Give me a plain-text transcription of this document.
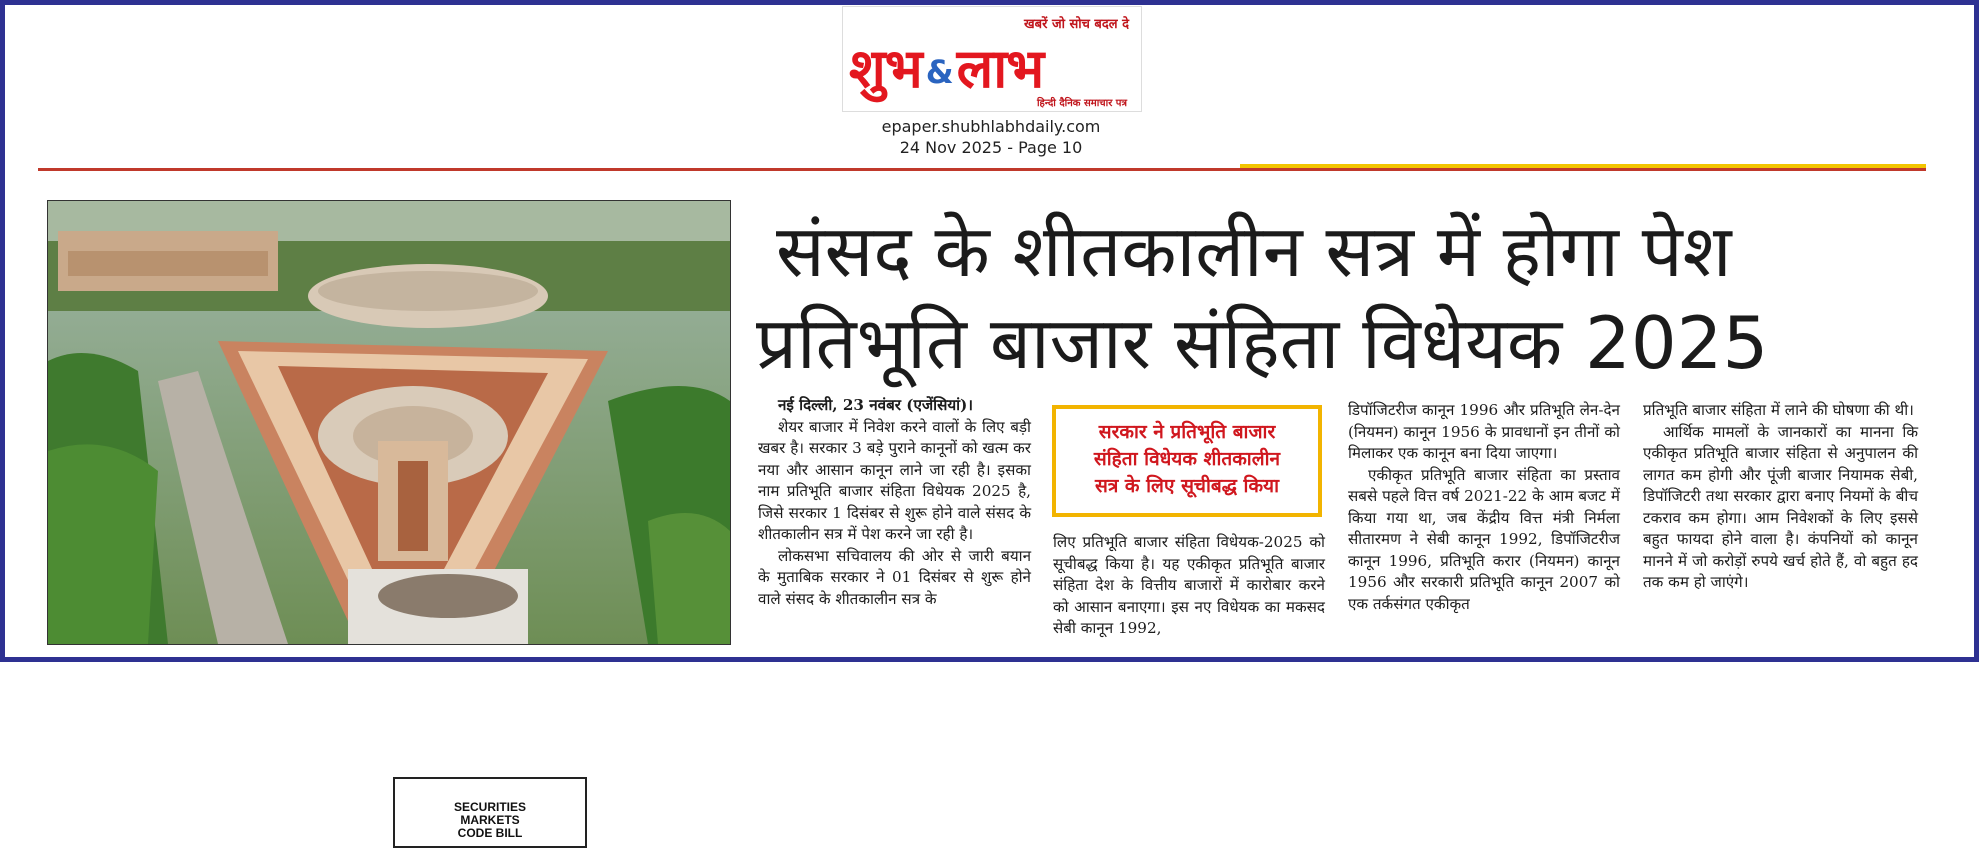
खबरें जो सोच बदल दे
शुभ &लाभ
हिन्दी दैनिक समाचार पत्र
epaper.shubhlabhdaily.com
24 Nov 2025 - Page 10
SECURITIES
MARKETS
CODE BILL
संसद के शीतकालीन सत्र में होगा पेश
प्रतिभूति बाजार संहिता विधेयक 2025

नई दिल्ली, 23 नवंबर (एजेंसियां)।

शेयर बाजार में निवेश करने वालों के लिए बड़ी खबर है। सरकार 3 बड़े पुराने कानूनों को खत्म कर नया और आसान कानून लाने जा रही है। इसका नाम प्रतिभूति बाजार संहिता विधेयक 2025 है, जिसे सरकार 1 दिसंबर से शुरू होने वाले संसद के शीतकालीन सत्र में पेश करने जा रही है।

लोकसभा सचिवालय की ओर से जारी बयान के मुताबिक सरकार ने 01 दिसंबर से शुरू होने वाले संसद के शीतकालीन सत्र के

सरकार ने प्रतिभूति बाजार
संहिता विधेयक शीतकालीन
सत्र के लिए सूचीबद्ध किया

लिए प्रतिभूति बाजार संहिता विधेयक-2025 को सूचीबद्ध किया है। यह एकीकृत प्रतिभूति बाजार संहिता देश के वित्तीय बाजारों में कारोबार करने को आसान बनाएगा। इस नए विधेयक का मकसद सेबी कानून 1992,

डिपॉजिटरीज कानून 1996 और प्रतिभूति लेन-देन (नियमन) कानून 1956 के प्रावधानों इन तीनों को मिलाकर एक कानून बना दिया जाएगा।

एकीकृत प्रतिभूति बाजार संहिता का प्रस्ताव सबसे पहले वित्त वर्ष 2021-22 के आम बजट में किया गया था, जब केंद्रीय वित्त मंत्री निर्मला सीतारमण ने सेबी कानून 1992, डिपॉजिटरीज कानून 1996, प्रतिभूति करार (नियमन) कानून 1956 और सरकारी प्रतिभूति कानून 2007 को एक तर्कसंगत एकीकृत

प्रतिभूति बाजार संहिता में लाने की घोषणा की थी।

आर्थिक मामलों के जानकारों का मानना कि एकीकृत प्रतिभूति बाजार संहिता से अनुपालन की लागत कम होगी और पूंजी बाजार नियामक सेबी, डिपॉजिटरी तथा सरकार द्वारा बनाए नियमों के बीच टकराव कम होगा। आम निवेशकों के लिए इससे बहुत फायदा होने वाला है। कंपनियों को कानून मानने में जो करोड़ों रुपये खर्च होते हैं, वो बहुत हद तक कम हो जाएंगे।
